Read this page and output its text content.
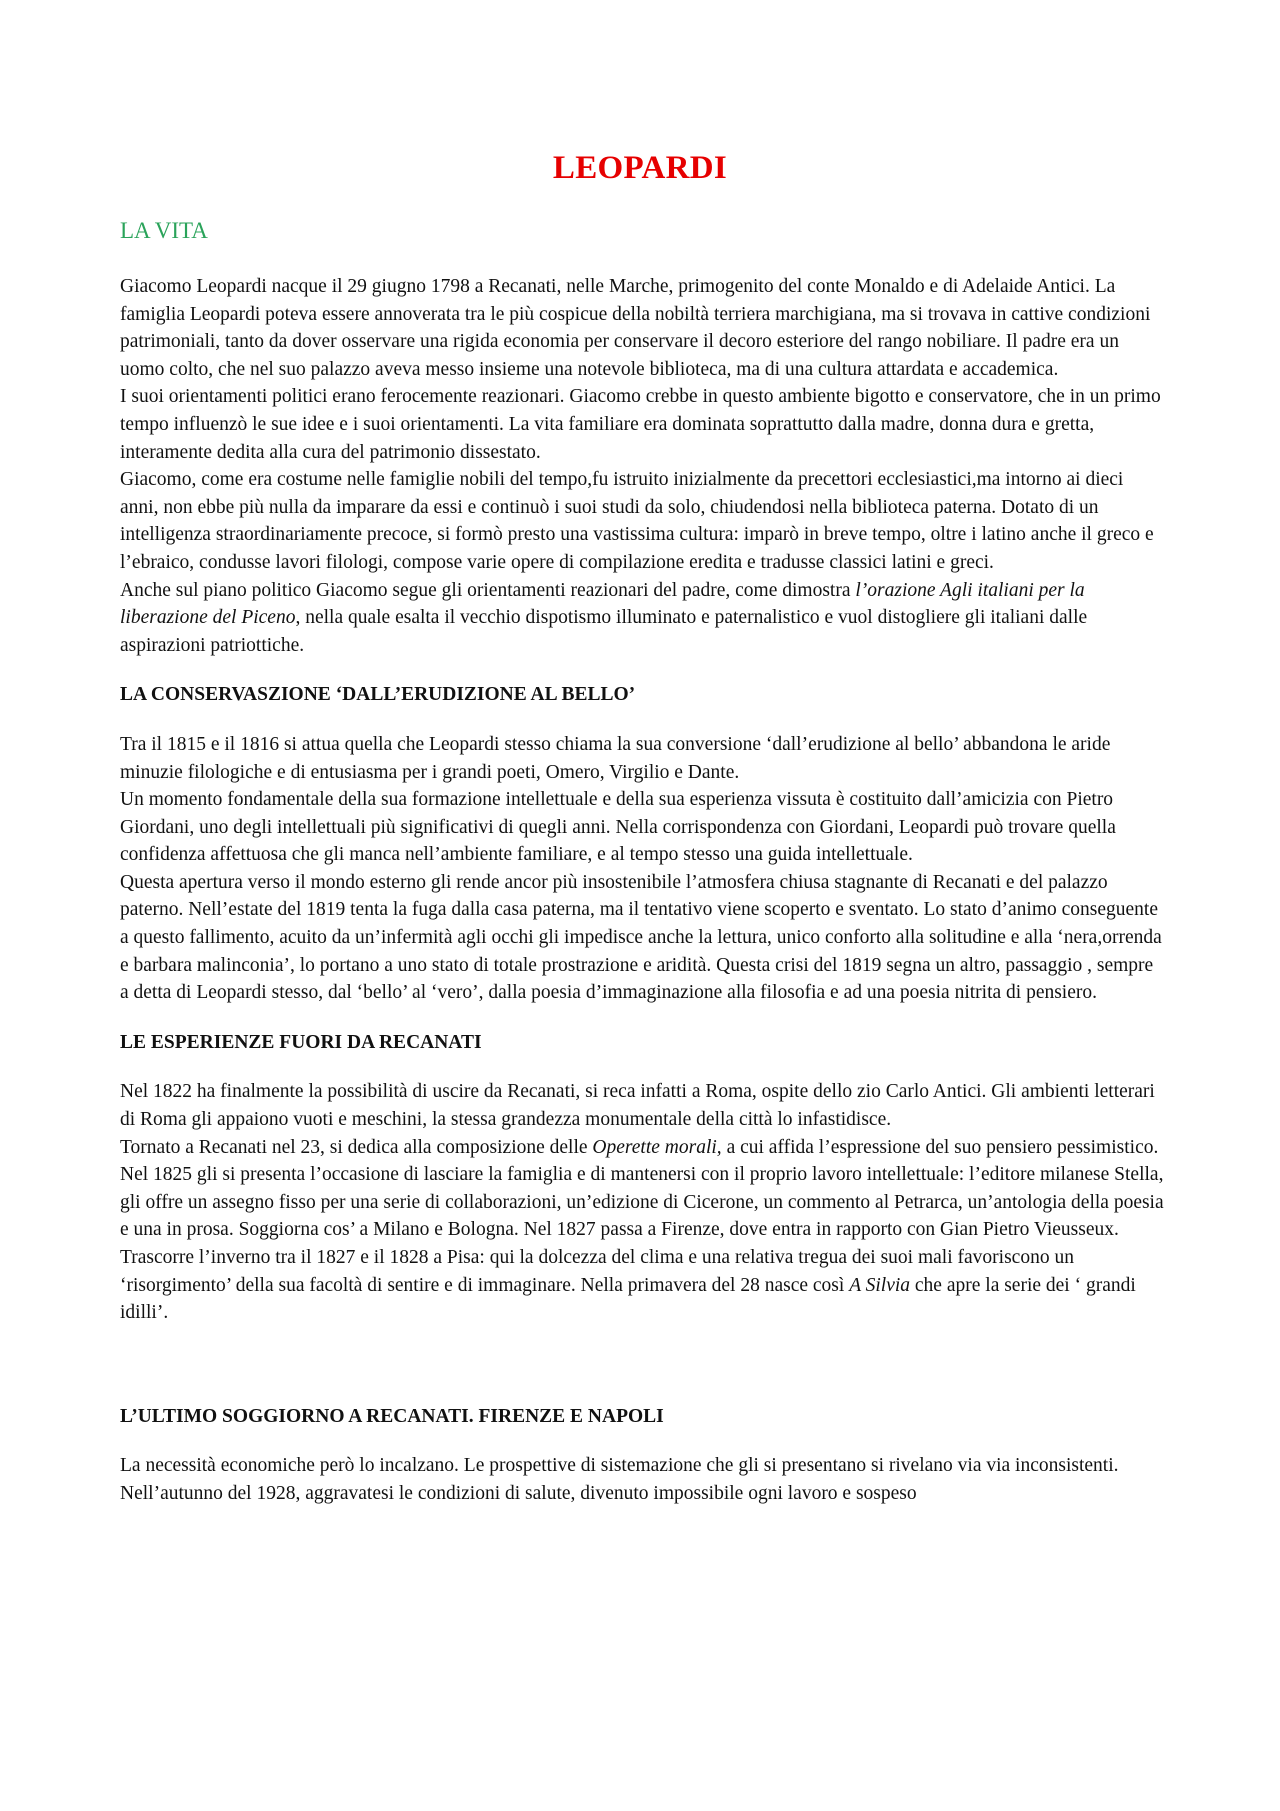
LEOPARDI
LA VITA

Giacomo Leopardi nacque il 29 giugno 1798 a Recanati, nelle Marche, primogenito del conte Monaldo e di Adelaide Antici. La famiglia Leopardi poteva essere annoverata tra le più cospicue della nobiltà terriera marchigiana, ma si trovava in cattive condizioni patrimoniali, tanto da dover osservare una rigida economia per conservare il decoro esteriore del rango nobiliare. Il padre era un uomo colto, che nel suo palazzo aveva messo insieme una notevole biblioteca, ma di una cultura attardata e accademica.

I suoi orientamenti politici erano ferocemente reazionari. Giacomo crebbe in questo ambiente bigotto e conservatore, che in un primo tempo influenzò le sue idee e i suoi orientamenti. La vita familiare era dominata soprattutto dalla madre, donna dura e gretta, interamente dedita alla cura del patrimonio dissestato.

Giacomo, come era costume nelle famiglie nobili del tempo,fu istruito inizialmente da precettori ecclesiastici,ma intorno ai dieci anni, non ebbe più nulla da imparare da essi e continuò i suoi studi da solo, chiudendosi nella biblioteca paterna. Dotato di un intelligenza straordinariamente precoce, si formò presto una vastissima cultura: imparò in breve tempo, oltre i latino anche il greco e l’ebraico, condusse lavori filologi, compose varie opere di compilazione eredita e tradusse classici latini e greci.

Anche sul piano politico Giacomo segue gli orientamenti reazionari del padre, come dimostra l’orazione Agli italiani per la liberazione del Piceno, nella quale esalta il vecchio dispotismo illuminato e paternalistico e vuol distogliere gli italiani dalle aspirazioni patriottiche.

LA CONSERVASZIONE ‘DALL’ERUDIZIONE AL BELLO’

Tra il 1815 e il 1816 si attua quella che Leopardi stesso chiama la sua conversione ‘dall’erudizione al bello’ abbandona le aride minuzie filologiche e di entusiasma per i grandi poeti, Omero, Virgilio e Dante.

Un momento fondamentale della sua formazione intellettuale e della sua esperienza vissuta è costituito dall’amicizia con Pietro Giordani, uno degli intellettuali più significativi di quegli anni. Nella corrispondenza con Giordani, Leopardi può trovare quella confidenza affettuosa che gli manca nell’ambiente familiare, e al tempo stesso una guida intellettuale.

Questa apertura verso il mondo esterno gli rende ancor più insostenibile l’atmosfera chiusa stagnante di Recanati e del palazzo paterno. Nell’estate del 1819 tenta la fuga dalla casa paterna, ma il tentativo viene scoperto e sventato. Lo stato d’animo conseguente a questo fallimento, acuito da un’infermità agli occhi gli impedisce anche la lettura, unico conforto alla solitudine e alla ‘nera,orrenda e barbara malinconia’, lo portano a uno stato di totale prostrazione e aridità. Questa crisi del 1819 segna un altro, passaggio , sempre a detta di Leopardi stesso, dal ‘bello’ al ‘vero’, dalla poesia d’immaginazione alla filosofia e ad una poesia nitrita di pensiero.

LE ESPERIENZE FUORI DA RECANATI

Nel 1822 ha finalmente la possibilità di uscire da Recanati, si reca infatti a Roma, ospite dello zio Carlo Antici. Gli ambienti letterari di Roma gli appaiono vuoti e meschini, la stessa grandezza monumentale della città lo infastidisce.

Tornato a Recanati nel 23, si dedica alla composizione delle Operette morali, a cui affida l’espressione del suo pensiero pessimistico.

Nel 1825 gli si presenta l’occasione di lasciare la famiglia e di mantenersi con il proprio lavoro intellettuale: l’editore milanese Stella, gli offre un assegno fisso per una serie di collaborazioni, un’edizione di Cicerone, un commento al Petrarca, un’antologia della poesia e una in prosa. Soggiorna cos’ a Milano e Bologna. Nel 1827 passa a Firenze, dove entra in rapporto con Gian Pietro Vieusseux.

Trascorre l’inverno tra il 1827 e il 1828 a Pisa: qui la dolcezza del clima e una relativa tregua dei suoi mali favoriscono un ‘risorgimento’ della sua facoltà di sentire e di immaginare. Nella primavera del 28 nasce così A Silvia che apre la serie dei ‘ grandi idilli’.

L’ULTIMO SOGGIORNO A RECANATI. FIRENZE E NAPOLI

La necessità economiche però lo incalzano. Le prospettive di sistemazione che gli si presentano si rivelano via via inconsistenti. Nell’autunno del 1928, aggravatesi le condizioni di salute, divenuto impossibile ogni lavoro e sospeso
